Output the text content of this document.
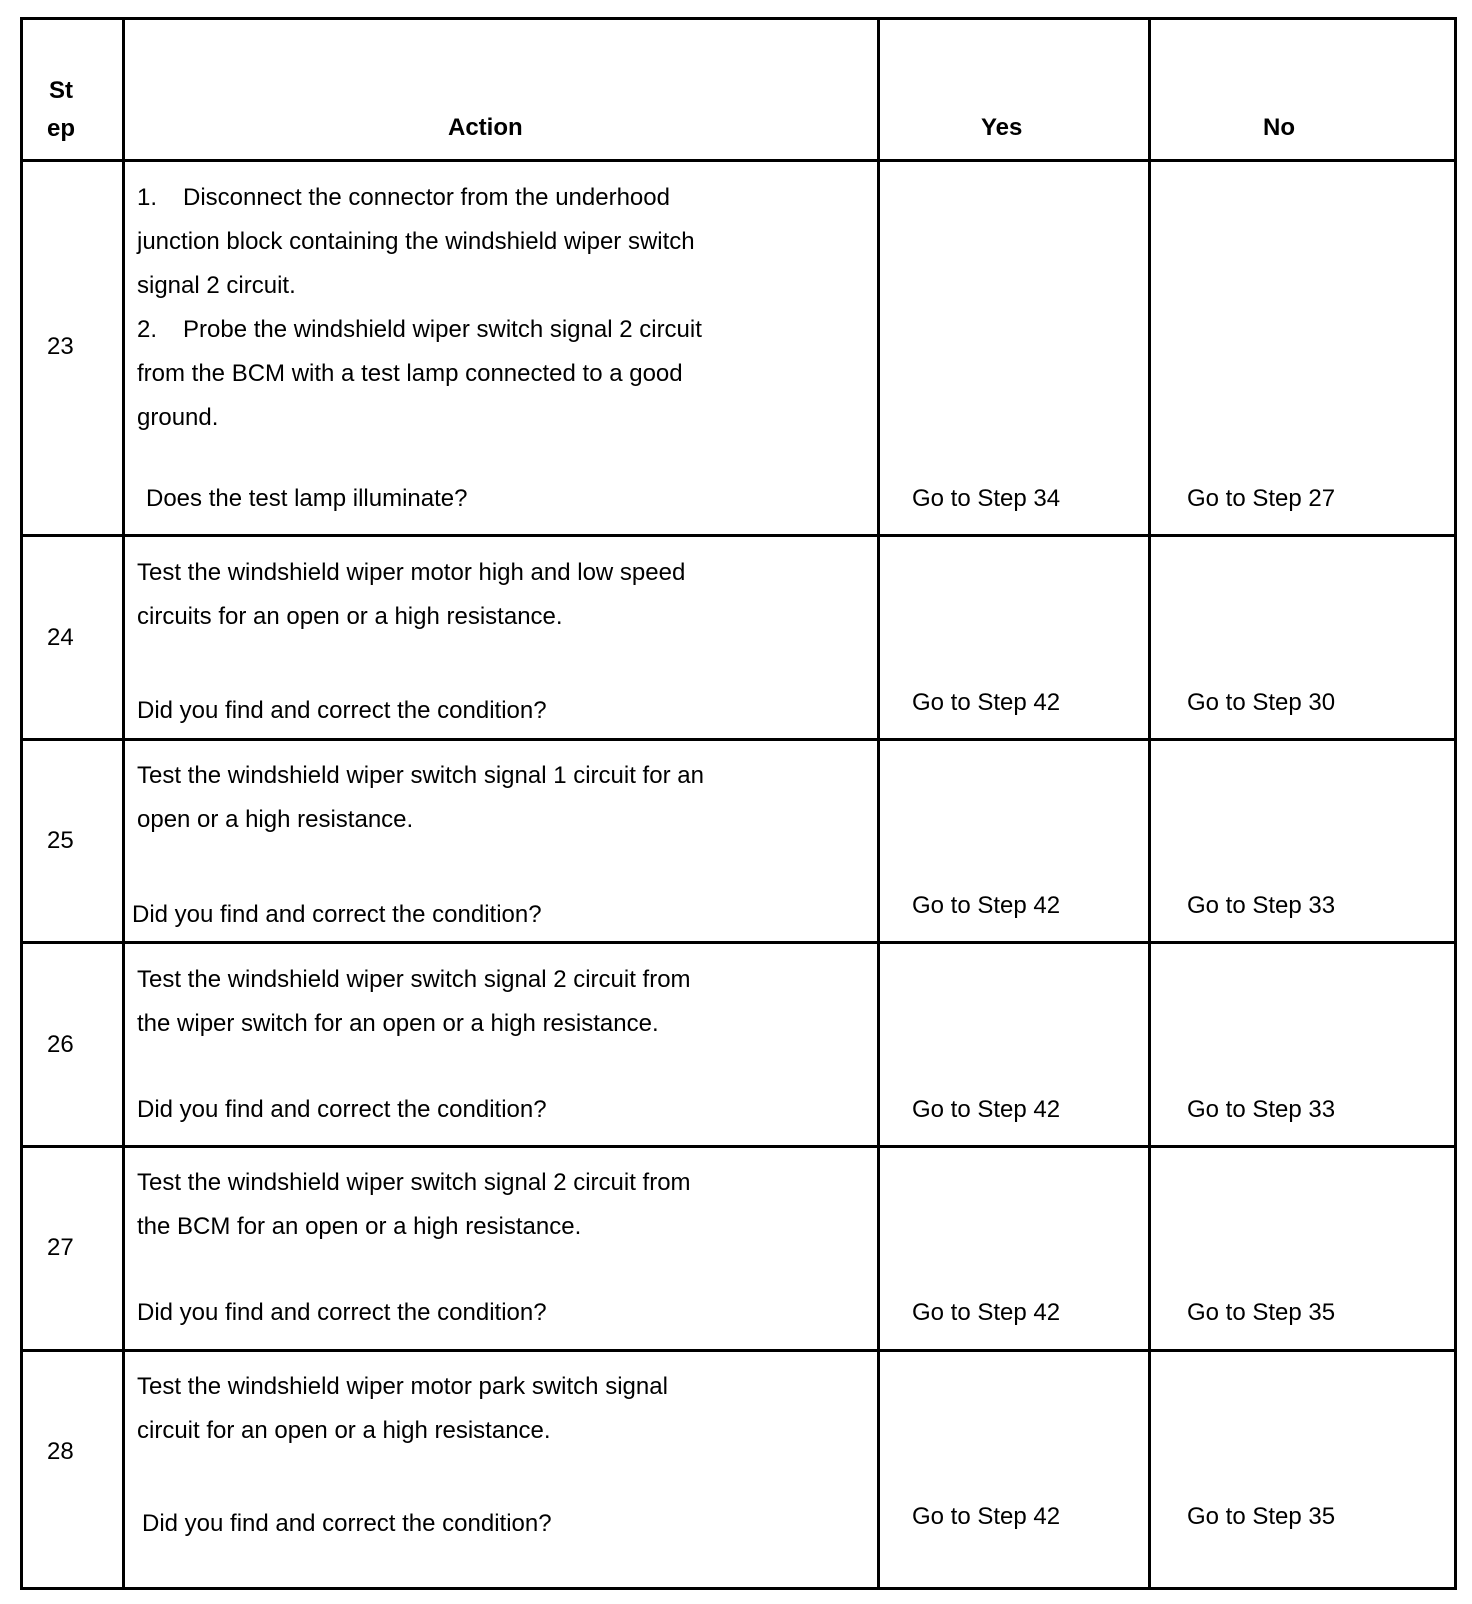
St
ep	Action	Yes	No
23
1. Disconnect the connector from the underhood
junction block containing the windshield wiper switch
signal 2 circuit.
2. Probe the windshield wiper switch signal 2 circuit
from the BCM with a test lamp connected to a good
ground.
Does the test lamp illuminate?	Go to Step 34	Go to Step 27
24
Test the windshield wiper motor high and low speed
circuits for an open or a high resistance.
Did you find and correct the condition?	Go to Step 42	Go to Step 30
25
Test the windshield wiper switch signal 1 circuit for an
open or a high resistance.
Did you find and correct the condition?	Go to Step 42	Go to Step 33
26
Test the windshield wiper switch signal 2 circuit from
the wiper switch for an open or a high resistance.
Did you find and correct the condition?	Go to Step 42	Go to Step 33
27
Test the windshield wiper switch signal 2 circuit from
the BCM for an open or a high resistance.
Did you find and correct the condition?	Go to Step 42	Go to Step 35
28
Test the windshield wiper motor park switch signal
circuit for an open or a high resistance.
Did you find and correct the condition?	Go to Step 42	Go to Step 35
